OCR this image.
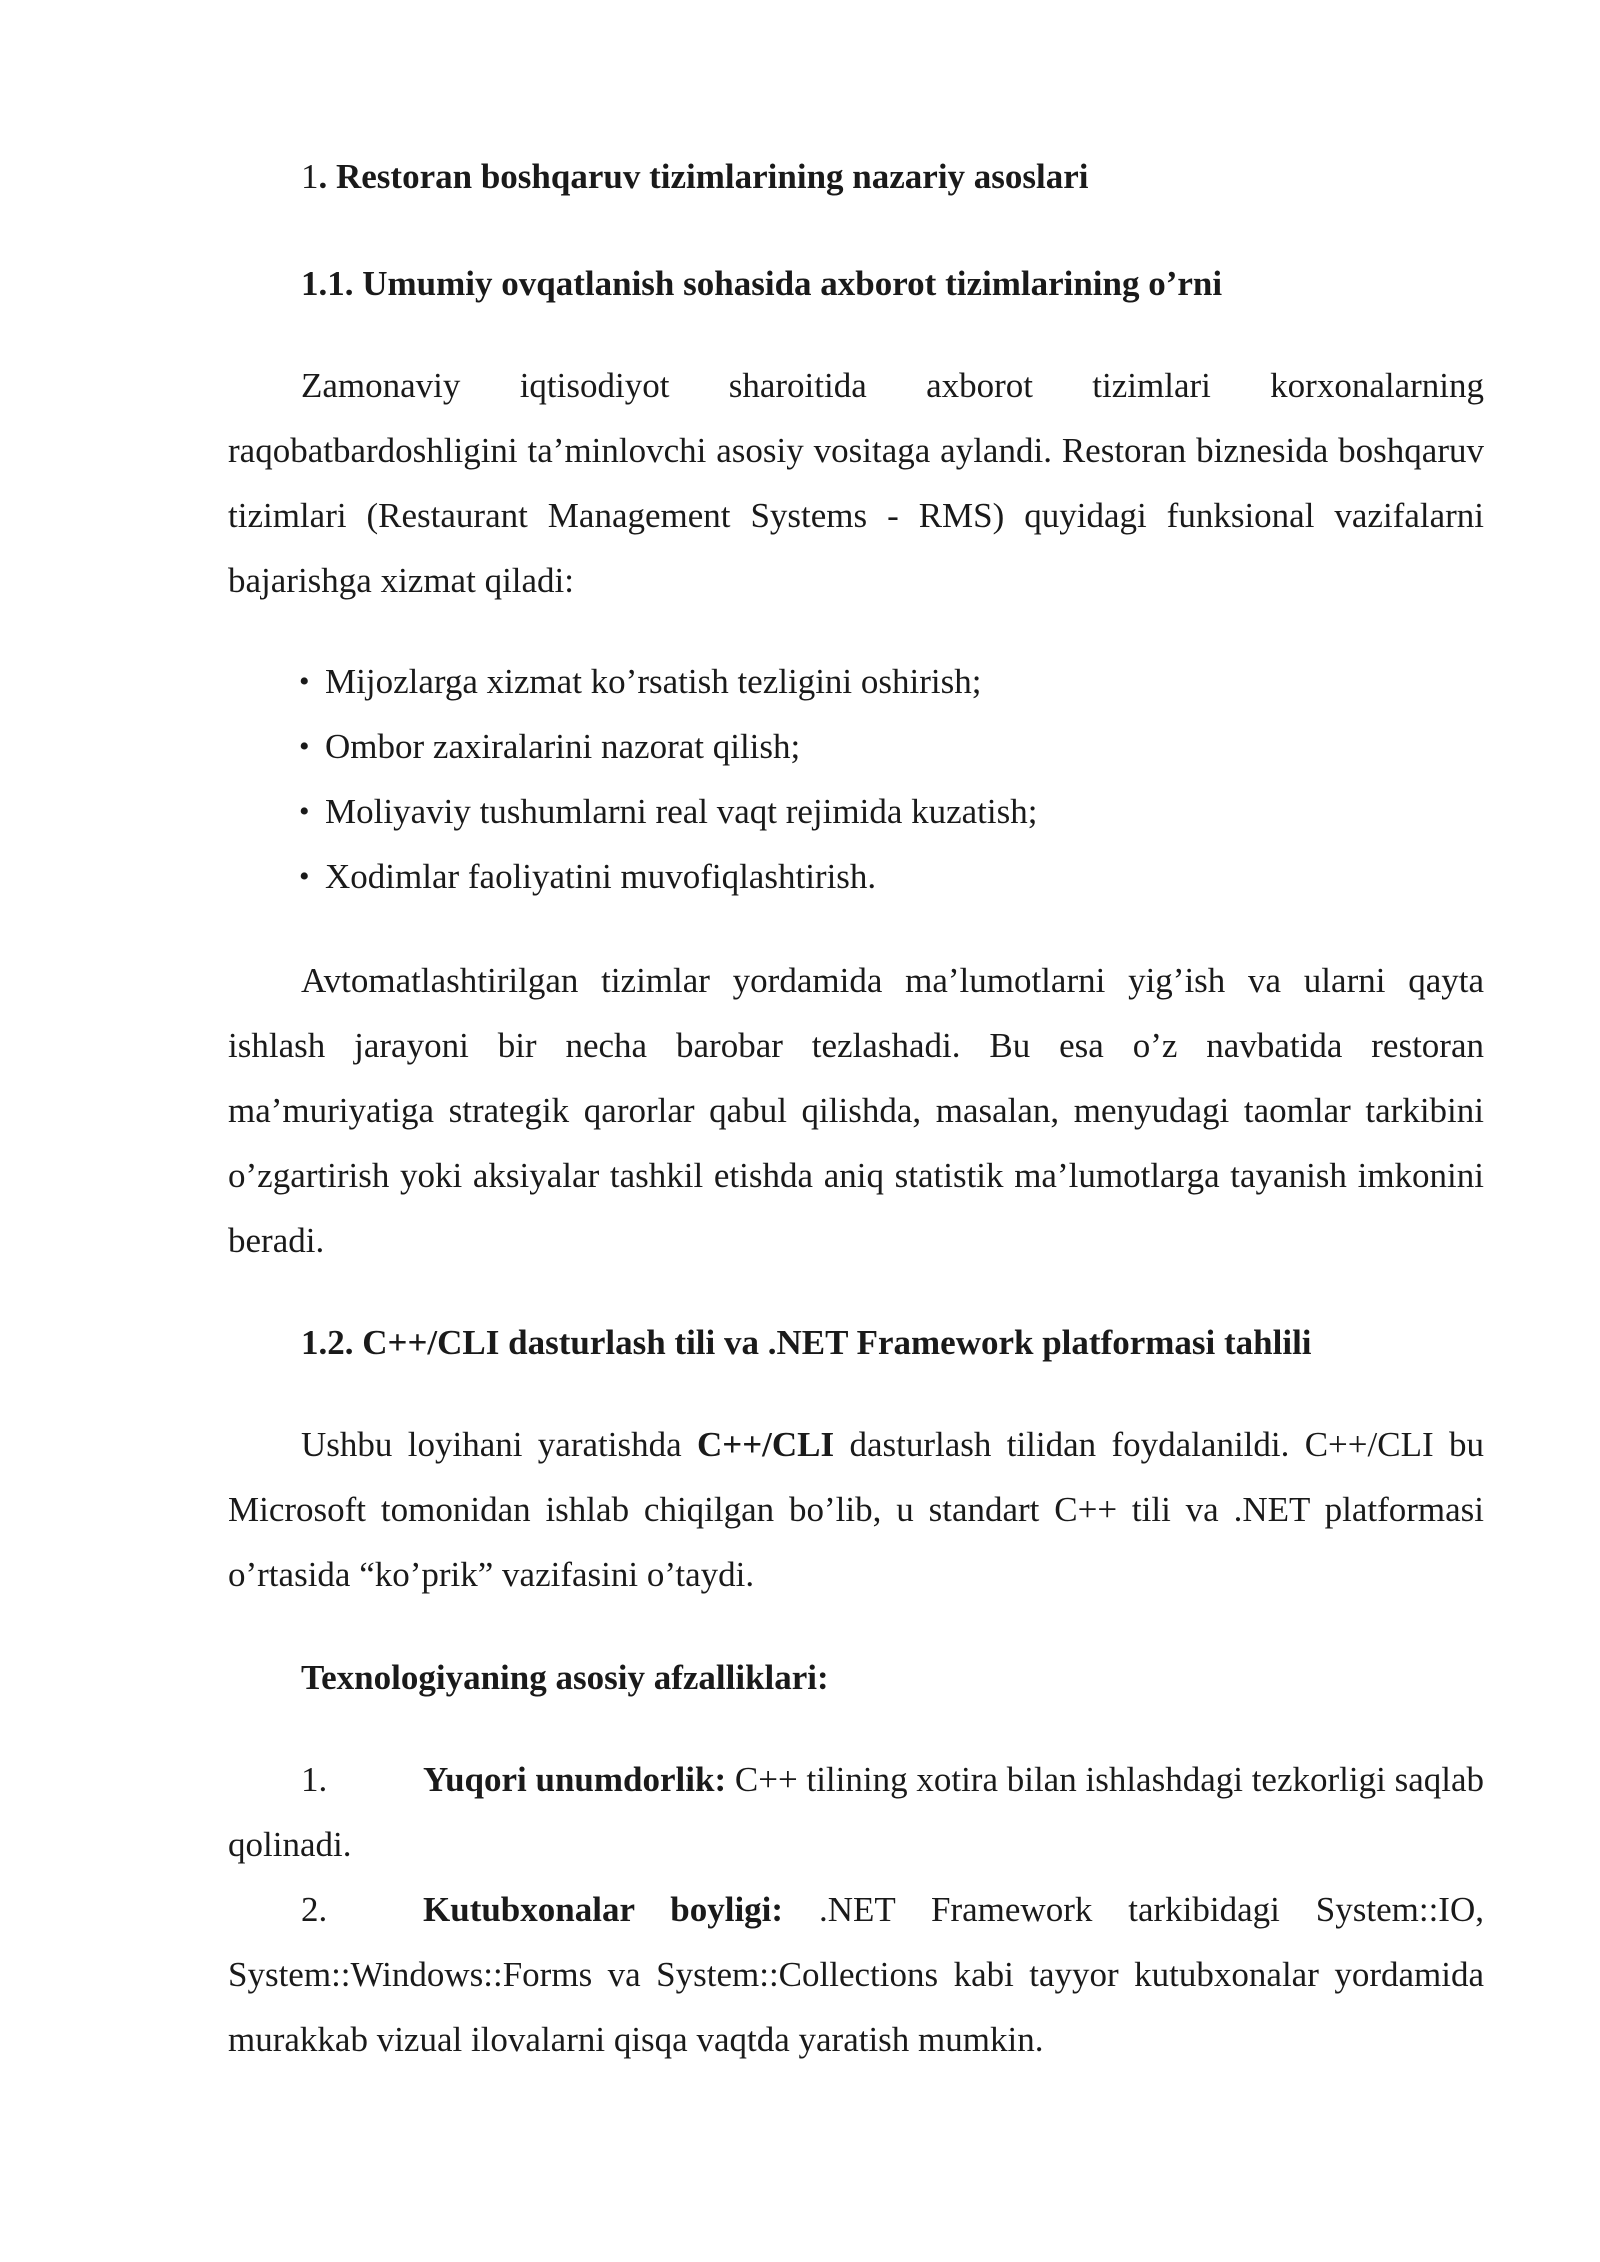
1. Restoran boshqaruv tizimlarining nazariy asoslari
1.1. Umumiy ovqatlanish sohasida axborot tizimlarining o’rni
Zamonaviy iqtisodiyot sharoitida axborot tizimlari korxonalarning raqobatbardoshligini ta’minlovchi asosiy vositaga aylandi. Restoran biznesida boshqaruv tizimlari (Restaurant Management Systems - RMS) quyidagi funksional vazifalarni bajarishga xizmat qiladi:
• Mijozlarga xizmat ko’rsatish tezligini oshirish;
• Ombor zaxiralarini nazorat qilish;
• Moliyaviy tushumlarni real vaqt rejimida kuzatish;
• Xodimlar faoliyatini muvofiqlashtirish.
Avtomatlashtirilgan tizimlar yordamida ma’lumotlarni yig’ish va ularni qayta ishlash jarayoni bir necha barobar tezlashadi. Bu esa o’z navbatida restoran ma’muriyatiga strategik qarorlar qabul qilishda, masalan, menyudagi taomlar tarkibini o’zgartirish yoki aksiyalar tashkil etishda aniq statistik ma’lumotlarga tayanish imkonini beradi.
1.2. C++/CLI dasturlash tili va .NET Framework platformasi tahlili
Ushbu loyihani yaratishda C++/CLI dasturlash tilidan foydalanildi. C++/CLI bu Microsoft tomonidan ishlab chiqilgan bo’lib, u standart C++ tili va .NET platformasi o’rtasida “ko’prik” vazifasini o’taydi.
Texnologiyaning asosiy afzalliklari:
1.	Yuqori unumdorlik: C++ tilining xotira bilan ishlashdagi tezkorligi saqlab qolinadi.
2.	Kutubxonalar boyligi: .NET Framework tarkibidagi System::IO, System::Windows::Forms va System::Collections kabi tayyor kutubxonalar yordamida murakkab vizual ilovalarni qisqa vaqtda yaratish mumkin.
